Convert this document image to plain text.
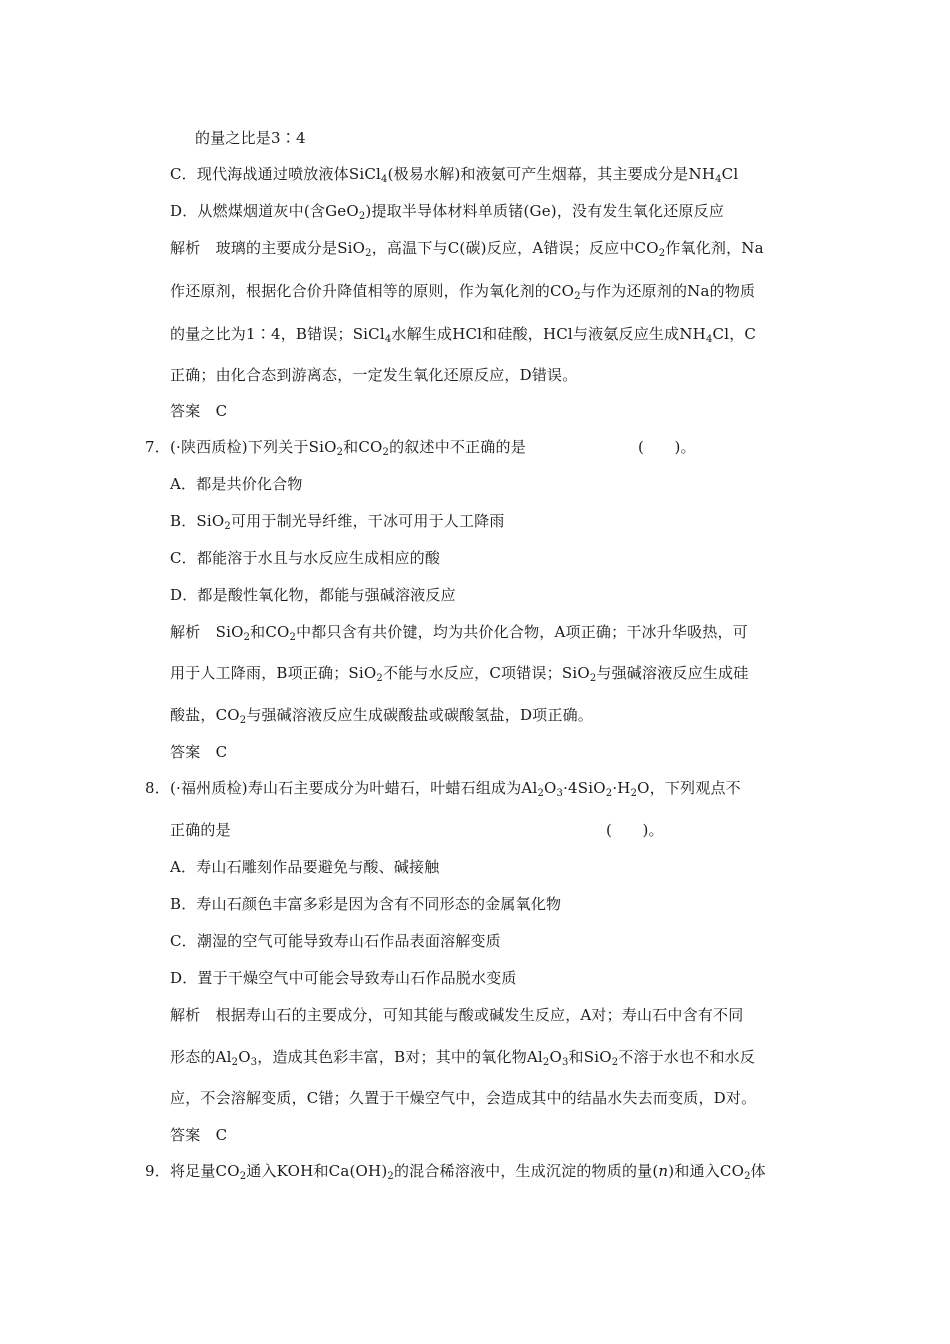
的量之比是3∶4
C．现代海战通过喷放液体SiCl$_4$(极易水解)和液氨可产生烟幕，其主要成分是$NH_4Cl$
D．从燃煤烟道灰中(含GeO$_2$)提取半导体材料单质锗(Ge)，没有发生氧化还原反应
解析　玻璃的主要成分是SiO$_2$，高温下与C(碳)反应，A错误；反应中$CO_2$作氧化剂，Na
作还原剂，根据化合价升降值相等的原则，作为氧化剂的$CO_2$与作为还原剂的Na的物质
的量之比为1∶4，B错误；SiCl$_4$水解生成HCl和硅酸，HCl与液氨反应生成$NH_4Cl$，C
正确；由化合态到游离态，一定发生氧化还原反应，D错误。
答案　C
7．(·陕西质检)下列关于SiO$_2$和$CO_2$的叙述中不正确的是	(　　)。
A．都是共价化合物
B．SiO$_2$可用于制光导纤维，干冰可用于人工降雨
C．都能溶于水且与水反应生成相应的酸
D．都是酸性氧化物，都能与强碱溶液反应
解析　SiO$_2$和$CO_2$中都只含有共价键，均为共价化合物，A项正确；干冰升华吸热，可
用于人工降雨，B项正确；SiO$_2$不能与水反应，C项错误；SiO$_2$与强碱溶液反应生成硅
酸盐，$CO_2$与强碱溶液反应生成碳酸盐或碳酸氢盐，D项正确。
答案　C
8．(·福州质检)寿山石主要成分为叶蜡石，叶蜡石组成为$Al_2O_3\cdot 4SiO_2\cdot H_2O$，下列观点不
正确的是	(　　)。
A．寿山石雕刻作品要避免与酸、碱接触
B．寿山石颜色丰富多彩是因为含有不同形态的金属氧化物
C．潮湿的空气可能导致寿山石作品表面溶解变质
D．置于干燥空气中可能会导致寿山石作品脱水变质
解析　根据寿山石的主要成分，可知其能与酸或碱发生反应，A对；寿山石中含有不同
形态的$Al_2O_3$，造成其色彩丰富，B对；其中的氧化物$Al_2O_3$和SiO$_2$不溶于水也不和水反
应，不会溶解变质，C错；久置于干燥空气中，会造成其中的结晶水失去而变质，D对。
答案　C
9．将足量$CO_2$通入KOH和$Ca(OH)_2$的混合稀溶液中，生成沉淀的物质的量(n)和通入$CO_2$体
